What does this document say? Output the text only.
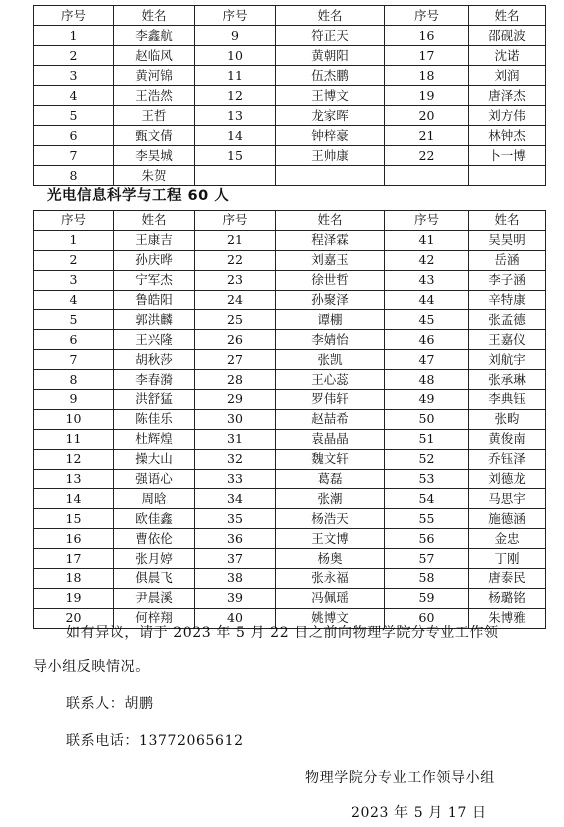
序号	姓名	序号	姓名	序号	姓名
1	李鑫航	9	符正天	16	邵砚波
2	赵临风	10	黄朝阳	17	沈诺
3	黄河锦	11	伍杰鹏	18	刘润
4	王浩然	12	王博文	19	唐泽杰
5	王哲	13	龙家晖	20	刘方伟
6	甄文倩	14	钟梓豪	21	林钟杰
7	李昊城	15	王帅康	22	卜一博
8	朱贺				
光电信息科学与工程 60 人
序号	姓名	序号	姓名	序号	姓名
1	王康吉	21	程泽霖	41	吴昊明
2	孙庆晔	22	刘嘉玉	42	岳涵
3	宁军杰	23	徐世哲	43	李子涵
4	鲁皓阳	24	孙聚泽	44	辛特康
5	郭洪麟	25	谭棚	45	张孟德
6	王兴隆	26	李婧怡	46	王嘉仪
7	胡秋莎	27	张凯	47	刘航宇
8	李春漪	28	王心蕊	48	张承琳
9	洪舒猛	29	罗伟轩	49	李典钰
10	陈佳乐	30	赵喆希	50	张畇
11	杜辉煌	31	袁晶晶	51	黄俊南
12	操大山	32	魏文轩	52	乔钰泽
13	强语心	33	葛磊	53	刘德龙
14	周晗	34	张潮	54	马思宇
15	欧佳鑫	35	杨浩天	55	施德涵
16	曹依伦	36	王文博	56	金忠
17	张月婷	37	杨奥	57	丁刚
18	俱晨飞	38	张永福	58	唐泰民
19	尹晨溪	39	冯佩瑶	59	杨璐铭
20	何梓翔	40	姚博文	60	朱博雅
如有异议，请于 2023 年 5 月 22 日之前向物理学院分专业工作领
导小组反映情况。
联系人：胡鹏
联系电话：13772065612
物理学院分专业工作领导小组
2023 年 5 月 17 日
